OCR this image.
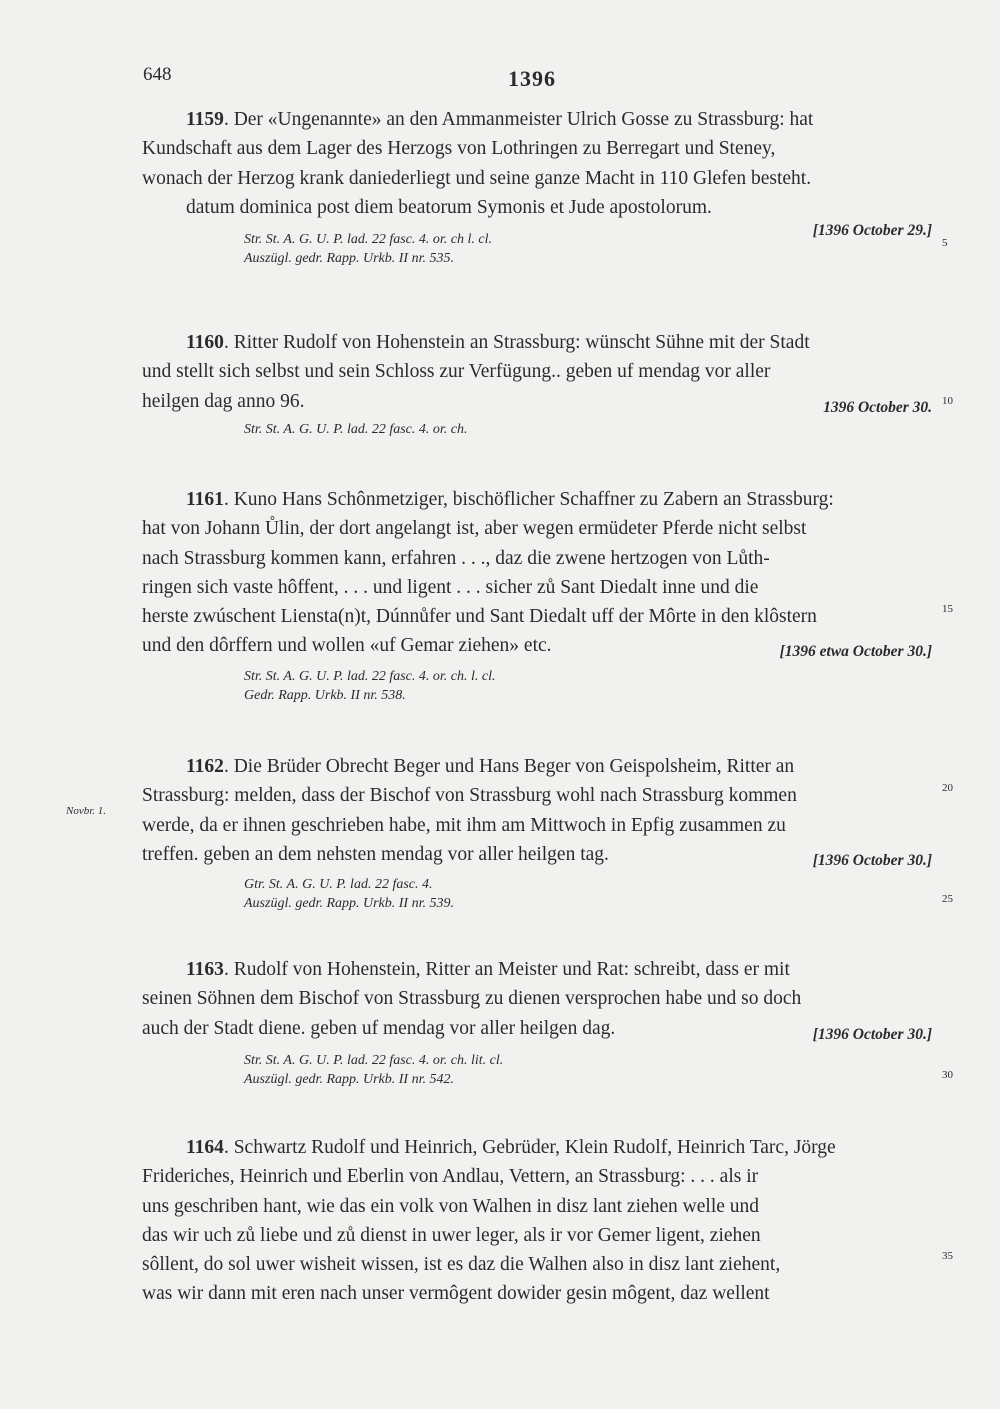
648	1396
1159. Der «Ungenannte» an den Ammanmeister Ulrich Gosse zu Strassburg: hat
Kundschaft aus dem Lager des Herzogs von Lothringen zu Berregart und Steney,
wonach der Herzog krank daniederliegt und seine ganze Macht in 110 Glefen besteht.
datum dominica post diem beatorum Symonis et Jude apostolorum.
Str. St. A. G. U. P. lad. 22 fasc. 4. or. ch l. cl.
Auszügl. gedr. Rapp. Urkb. II nr. 535.
[1396 October 29.]
1160 . Ritter Rudolf von Hohenstein an Strassburg: wünscht Sühne mit der Stadt
und stellt sich selbst und sein Schloss zur Verfügung.. geben uf mendag vor aller
heilgen dag anno 96.	1396 October 30.
Str. St. A. G. U. P. lad. 22 fasc. 4. or. ch.
1161 . Kuno Hans Schônmetziger, bischöflicher Schaffner zu Zabern an Strassburg:
hat von Johann Ůlin, der dort angelangt ist, aber wegen ermüdeter Pferde nicht selbst
nach Strassburg kommen kann, erfahren . . ., daz die zwene hertzogen von Lůth-
ringen sich vaste hôffent, . . . und ligent . . . sicher zů Sant Diedalt inne und die
herste zwúschent Liensta(n)t, Dúnnůfer und Sant Diedalt uff der Môrte in den klôstern
und den dôrffern und wollen «uf Gemar ziehen» etc.	[1396 etwa October 30.]
Str. St. A. G. U. P. lad. 22 fasc. 4. or. ch. l. cl.
Gedr. Rapp. Urkb. II nr. 538.
1162 . Die Brüder Obrecht Beger und Hans Beger von Geispolsheim, Ritter an
Strassburg: melden, dass der Bischof von Strassburg wohl nach Strassburg kommen
werde, da er ihnen geschrieben habe, mit ihm am Mittwoch in Epfig zusammen zu
treffen. geben an dem nehsten mendag vor aller heilgen tag.	[1396 October 30.]
Gtr. St. A. G. U. P. lad. 22 fasc. 4.
Auszügl. gedr. Rapp. Urkb. II nr. 539.
Novbr. 1.
1163 . Rudolf von Hohenstein, Ritter an Meister und Rat: schreibt, dass er mit
seinen Söhnen dem Bischof von Strassburg zu dienen versprochen habe und so doch
auch der Stadt diene. geben uf mendag vor aller heilgen dag.	[1396 October 30.]
Str. St. A. G. U. P. lad. 22 fasc. 4. or. ch. lit. cl.
Auszügl. gedr. Rapp. Urkb. II nr. 542.
1164 . Schwartz Rudolf und Heinrich, Gebrüder, Klein Rudolf, Heinrich Tarc, Jörge
Frideriches, Heinrich und Eberlin von Andlau, Vettern, an Strassburg: . . . als ir
uns geschriben hant, wie das ein volk von Walhen in disz lant ziehen welle und
das wir uch zů liebe und zů dienst in uwer leger, als ir vor Gemer ligent, ziehen
sôllent, do sol uwer wisheit wissen, ist es daz die Walhen also in disz lant ziehent,
was wir dann mit eren nach unser vermôgent dowider gesin môgent, daz wellent
5
10
15
20
25
30
35
